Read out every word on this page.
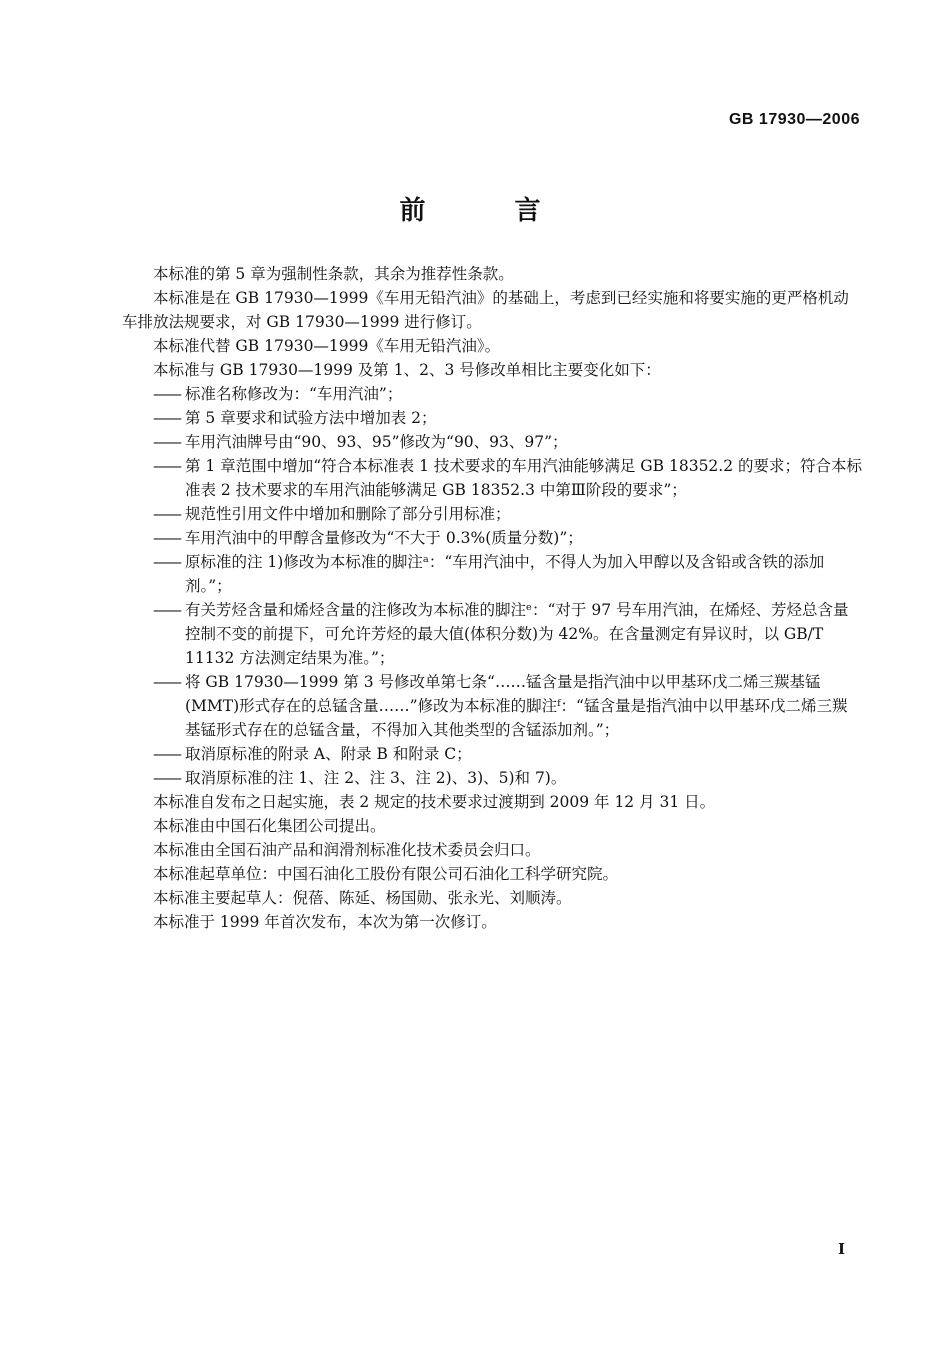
GB 17930—2006
前 言

本标准的第 5 章为强制性条款，其余为推荐性条款。

本标准是在 GB 17930—1999《车用无铅汽油》的基础上，考虑到已经实施和将要实施的更严格机动车排放法规要求，对 GB 17930—1999 进行修订。

本标准代替 GB 17930—1999《车用无铅汽油》。

本标准与 GB 17930—1999 及第 1、2、3 号修改单相比主要变化如下：

—— 标准名称修改为：“车用汽油”；

—— 第 5 章要求和试验方法中增加表 2；

—— 车用汽油牌号由“90、93、95”修改为“90、93、97”；

—— 第 1 章范围中增加“符合本标准表 1 技术要求的车用汽油能够满足 GB 18352.2 的要求；符合本标准表 2 技术要求的车用汽油能够满足 GB 18352.3 中第Ⅲ阶段的要求”；

—— 规范性引用文件中增加和删除了部分引用标准；

—— 车用汽油中的甲醇含量修改为“不大于 0.3%(质量分数)”；

—— 原标准的注 1)修改为本标准的脚注ᵃ：“车用汽油中，不得人为加入甲醇以及含铅或含铁的添加剂。”；

—— 有关芳烃含量和烯烃含量的注修改为本标准的脚注ᵉ：“对于 97 号车用汽油，在烯烃、芳烃总含量控制不变的前提下，可允许芳烃的最大值(体积分数)为 42%。在含量测定有异议时，以 GB/T 11132 方法测定结果为准。”；

—— 将 GB 17930—1999 第 3 号修改单第七条“……锰含量是指汽油中以甲基环戊二烯三羰基锰(MMT)形式存在的总锰含量……”修改为本标准的脚注ᶠ：“锰含量是指汽油中以甲基环戊二烯三羰基锰形式存在的总锰含量，不得加入其他类型的含锰添加剂。”；

—— 取消原标准的附录 A、附录 B 和附录 C；

—— 取消原标准的注 1、注 2、注 3、注 2)、3)、5)和 7)。

本标准自发布之日起实施，表 2 规定的技术要求过渡期到 2009 年 12 月 31 日。

本标准由中国石化集团公司提出。

本标准由全国石油产品和润滑剂标准化技术委员会归口。

本标准起草单位：中国石油化工股份有限公司石油化工科学研究院。

本标准主要起草人：倪蓓、陈延、杨国勋、张永光、刘顺涛。

本标准于 1999 年首次发布，本次为第一次修订。

I
